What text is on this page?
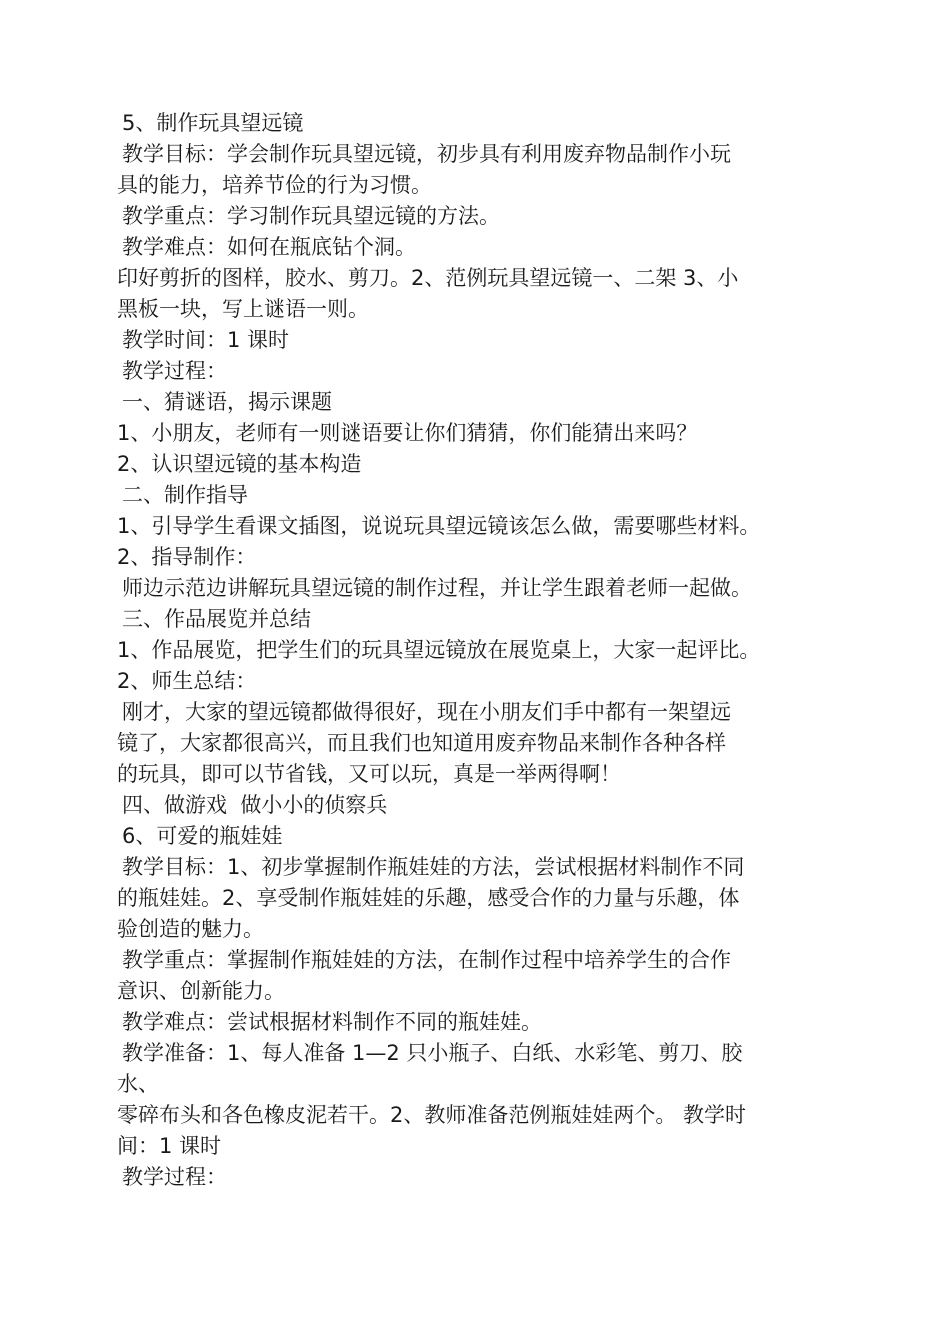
5、制作玩具望远镜
教学目标：学会制作玩具望远镜，初步具有利用废弃物品制作小玩
具的能力，培养节俭的行为习惯。
教学重点：学习制作玩具望远镜的方法。
教学难点：如何在瓶底钻个洞。
印好剪折的图样，胶水、剪刀。2、范例玩具望远镜一、二架 3、小
黑板一块，写上谜语一则。
教学时间：1 课时
教学过程：
一、猜谜语，揭示课题
1、小朋友，老师有一则谜语要让你们猜猜，你们能猜出来吗？
2、认识望远镜的基本构造
二、制作指导
1、引导学生看课文插图，说说玩具望远镜该怎么做，需要哪些材料。
2、指导制作：
师边示范边讲解玩具望远镜的制作过程，并让学生跟着老师一起做。
三、作品展览并总结
1、作品展览，把学生们的玩具望远镜放在展览桌上，大家一起评比。
2、师生总结：
刚才，大家的望远镜都做得很好，现在小朋友们手中都有一架望远
镜了，大家都很高兴，而且我们也知道用废弃物品来制作各种各样
的玩具，即可以节省钱，又可以玩，真是一举两得啊！
四、做游戏  做小小的侦察兵
6、可爱的瓶娃娃
教学目标：1、初步掌握制作瓶娃娃的方法，尝试根据材料制作不同
的瓶娃娃。2、享受制作瓶娃娃的乐趣，感受合作的力量与乐趣，体
验创造的魅力。
教学重点：掌握制作瓶娃娃的方法，在制作过程中培养学生的合作
意识、创新能力。
教学难点：尝试根据材料制作不同的瓶娃娃。
教学准备：1、每人准备 1—2 只小瓶子、白纸、水彩笔、剪刀、胶
水、
零碎布头和各色橡皮泥若干。2、教师准备范例瓶娃娃两个。 教学时
间：1 课时
教学过程：
